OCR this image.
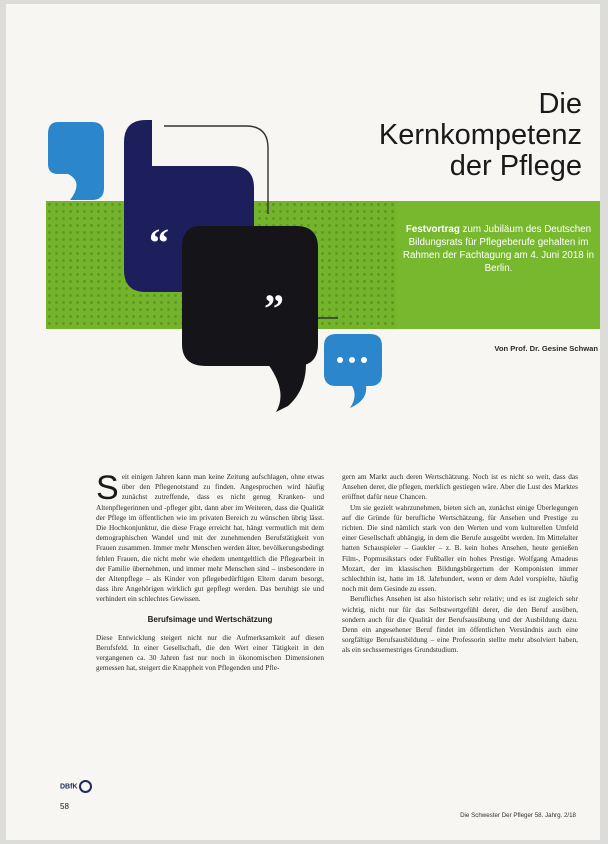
“
”
Die
Kernkompetenz
der Pflege
Festvortrag zum Jubiläum des Deutschen Bildungsrats für Pflegeberufe gehalten im Rahmen der Fachtagung am 4. Juni 2018 in Berlin.
Von Prof. Dr. Gesine Schwan

Seit einigen Jahren kann man keine Zeitung aufschlagen, ohne etwas über den Pflegenotstand zu finden. Angesprochen wird häufig zunächst zutreffende, dass es nicht genug Kranken- und Altenpflegerinnen und -pfleger gibt, dann aber im Weiteren, dass die Qualität der Pflege im öffentlichen wie im privaten Bereich zu wünschen übrig lässt. Die Hochkonjunktur, die diese Frage erreicht hat, hängt vermutlich mit dem demographischen Wandel und mit der zunehmenden Berufstätigkeit von Frauen zusammen. Immer mehr Menschen werden älter, bevölkerungsbedingt fehlen Frauen, die nicht mehr wie ehedem unentgeltlich die Pflegearbeit in der Familie übernehmen, und immer mehr Menschen sind – insbesondere in der Altenpflege – als Kinder von pflegebedürftigen Eltern darum besorgt, dass ihre Angehörigen wirklich gut gepflegt werden. Das beruhigt sie und verhindert ein schlechtes Gewissen.

Berufsimage und Wertschätzung

Diese Entwicklung steigert nicht nur die Aufmerksamkeit auf diesen Berufsfeld. In einer Gesellschaft, die den Wert einer Tätigkeit in den vergangenen ca. 30 Jahren fast nur noch in ökonomischen Dimensionen gemessen hat, steigert die Knappheit von Pflegenden und Pfle-

gern am Markt auch deren Wertschätzung. Noch ist es nicht so weit, dass das Ansehen derer, die pflegen, merklich gestiegen wäre. Aber die Lust des Marktes eröffnet dafür neue Chancen.

Um sie gezielt wahrzunehmen, bieten sich an, zunächst einige Überlegungen auf die Gründe für berufliche Wertschätzung, für Ansehen und Prestige zu richten. Die sind nämlich stark von den Werten und vom kulturellen Umfeld einer Gesellschaft abhängig, in dem die Berufe ausgeübt werden. Im Mittelalter hatten Schauspieler – Gaukler – z. B. kein hohes Ansehen, heute genießen Film-, Popmusikstars oder Fußballer ein hohes Prestige. Wolfgang Amadeus Mozart, der im klassischen Bildungsbürgertum der Komponisten immer schlechthin ist, hatte im 18. Jahrhundert, wenn er dem Adel vorspielte, häufig noch mit dem Gesinde zu essen.

Berufliches Ansehen ist also historisch sehr relativ; und es ist zugleich sehr wichtig, nicht nur für das Selbstwertgefühl derer, die den Beruf ausüben, sondern auch für die Qualität der Berufsausübung und der Ausbildung dazu. Denn ein angesehener Beruf findet im öffentlichen Verständnis auch eine sorgfältige Berufsausbildung – eine Professorin stellte mehr absolviert haben, als ein sechssemestriges Grundstudium.

DBfK
58
Die Schwester Der Pfleger 58. Jahrg. 2/18
